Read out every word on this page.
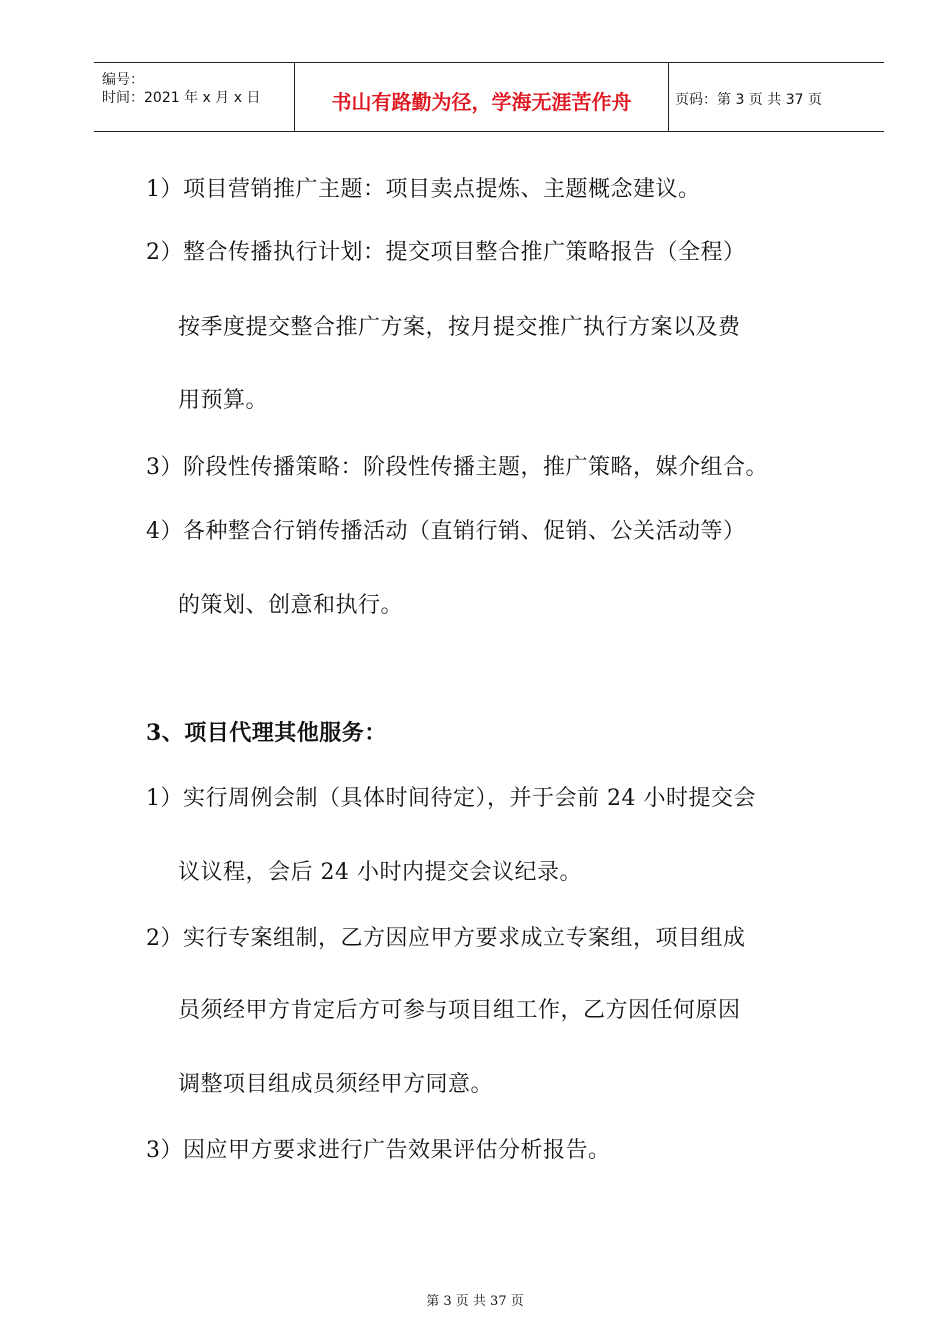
编号：
时间：2021 年 x 月 x 日	书山有路勤为径，学海无涯苦作舟	页码：第 3 页 共 37 页
1）项目营销推广主题：项目卖点提炼、主题概念建议。
2）整合传播执行计划：提交项目整合推广策略报告（全程）
按季度提交整合推广方案，按月提交推广执行方案以及费
用预算。
3）阶段性传播策略：阶段性传播主题，推广策略，媒介组合。
4）各种整合行销传播活动（直销行销、促销、公关活动等）
的策划、创意和执行。
3、项目代理其他服务：
1）实行周例会制（具体时间待定），并于会前 24 小时提交会
议议程，会后 24 小时内提交会议纪录。
2）实行专案组制，乙方因应甲方要求成立专案组，项目组成
员须经甲方肯定后方可参与项目组工作，乙方因任何原因
调整项目组成员须经甲方同意。
3）因应甲方要求进行广告效果评估分析报告。
第 3 页 共 37 页
